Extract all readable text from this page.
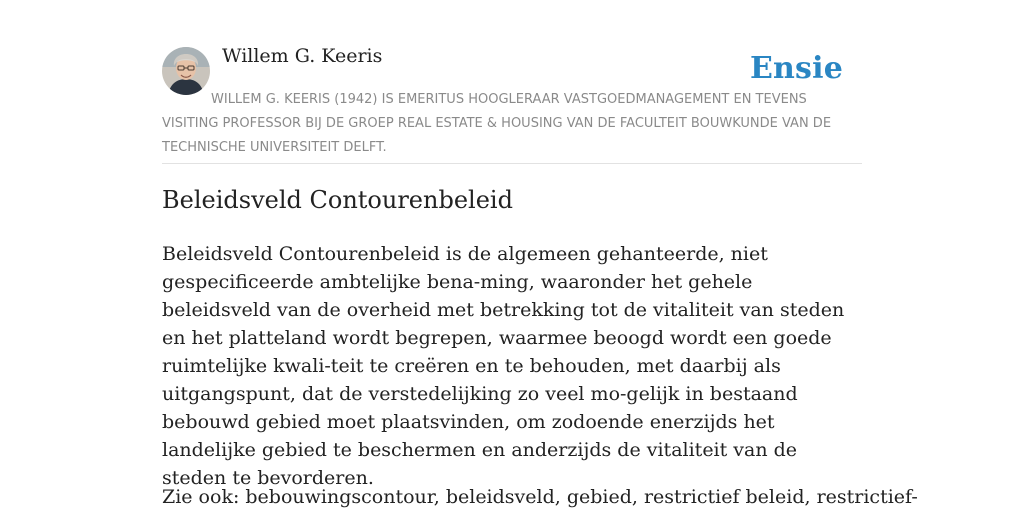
Willem G. Keeris	Ensie

WILLEM G. KEERIS (1942) IS EMERITUS HOOGLERAAR VASTGOEDMANAGEMENT EN TEVENS VISITING PROFESSOR BIJ DE GROEP REAL ESTATE & HOUSING VAN DE FACULTEIT BOUWKUNDE VAN DE TECHNISCHE UNIVERSITEIT DELFT.

Beleidsveld Contourenbeleid

Beleidsveld Contourenbeleid is de algemeen gehanteerde, niet gespecificeerde ambtelijke bena-ming, waaronder het gehele beleidsveld van de overheid met betrekking tot de vitaliteit van steden en het platteland wordt begrepen, waarmee beoogd wordt een goede ruimtelijke kwali-teit te creëren en te behouden, met daarbij als uitgangspunt, dat de verstedelijking zo veel mo-gelijk in bestaand bebouwd gebied moet plaatsvinden, om zodoende enerzijds het landelijke gebied te beschermen en anderzijds de vitaliteit van de steden te bevorderen.

Zie ook: bebouwingscontour, beleidsveld, gebied, restrictief beleid, restrictief-
